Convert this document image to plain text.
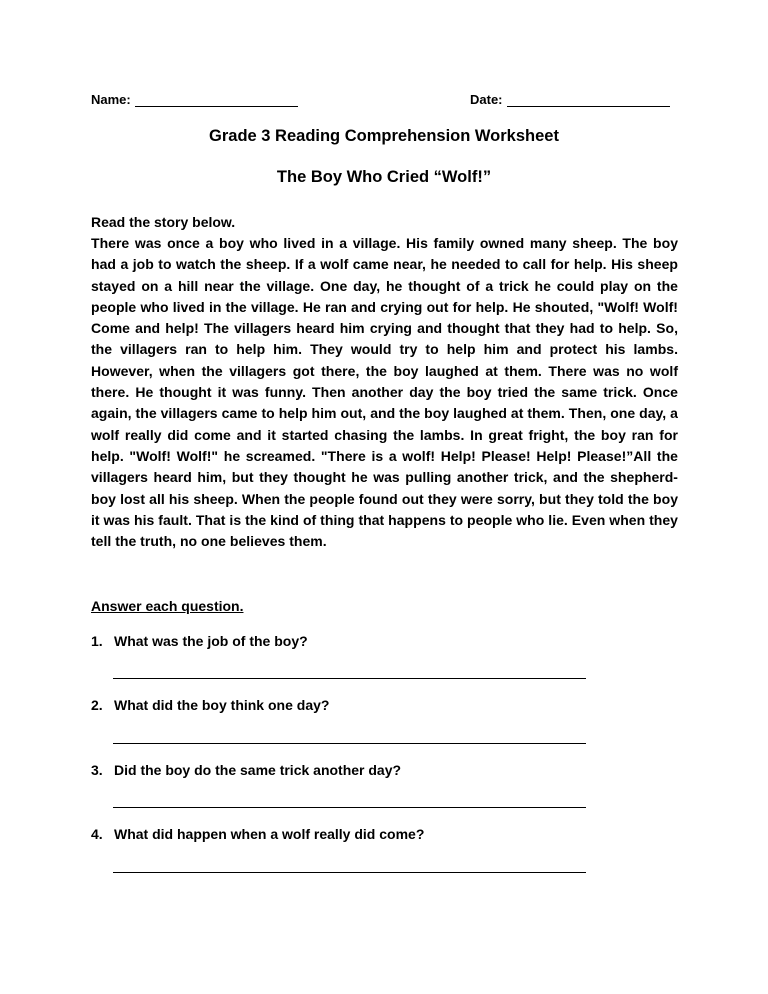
Name:	Date:
Grade 3 Reading Comprehension Worksheet
The Boy Who Cried “Wolf!”
Read the story below.
There was once a boy who lived in a village. His family owned many sheep. The boy had a job to watch the sheep. If a wolf came near, he needed to call for help. His sheep stayed on a hill near the village. One day, he thought of a trick he could play on the people who lived in the village. He ran and crying out for help. He shouted, "Wolf! Wolf! Come and help! The villagers heard him crying and thought that they had to help. So, the villagers ran to help him. They would try to help him and protect his lambs. However, when the villagers got there, the boy laughed at them. There was no wolf there. He thought it was funny. Then another day the boy tried the same trick. Once again, the villagers came to help him out, and the boy laughed at them. Then, one day, a wolf really did come and it started chasing the lambs. In great fright, the boy ran for help. "Wolf! Wolf!" he screamed. "There is a wolf! Help! Please! Help! Please!”All the villagers heard him, but they thought he was pulling another trick, and the shepherd-boy lost all his sheep. When the people found out they were sorry, but they told the boy it was his fault. That is the kind of thing that happens to people who lie. Even when they tell the truth, no one believes them.
Answer each question.
1. What was the job of the boy?
2. What did the boy think one day?
3. Did the boy do the same trick another day?
4. What did happen when a wolf really did come?
